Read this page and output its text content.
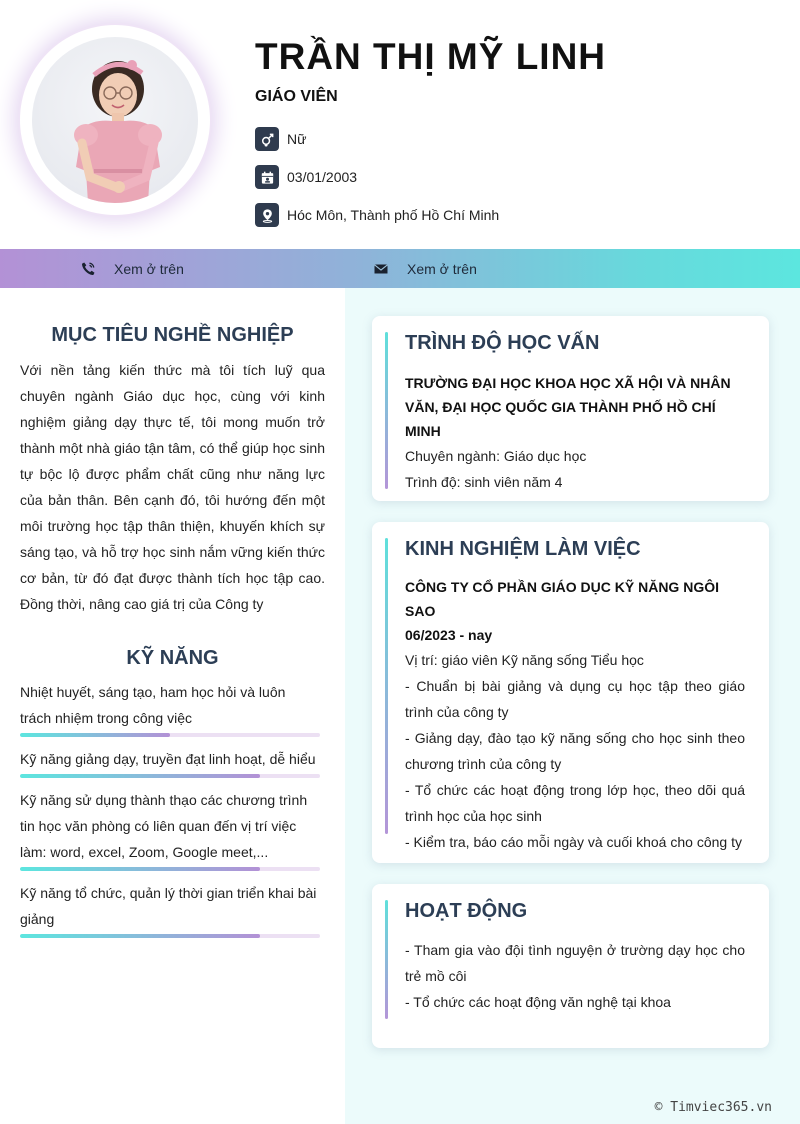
TRẦN THỊ MỸ LINH
GIÁO VIÊN
Nữ
03/01/2003
Hóc Môn, Thành phố Hồ Chí Minh
Xem ở trên	Xem ở trên
MỤC TIÊU NGHỀ NGHIỆP
Với nền tảng kiến thức mà tôi tích luỹ qua chuyên ngành Giáo dục học, cùng với kinh nghiệm giảng dạy thực tế, tôi mong muốn trở thành một nhà giáo tận tâm, có thể giúp học sinh tự bộc lộ được phẩm chất cũng như năng lực của bản thân. Bên cạnh đó, tôi hướng đến một môi trường học tập thân thiện, khuyến khích sự sáng tạo, và hỗ trợ học sinh nắm vững kiến thức cơ bản, từ đó đạt được thành tích học tập cao. Đồng thời, nâng cao giá trị của Công ty
KỸ NĂNG
Nhiệt huyết, sáng tạo, ham học hỏi và luôn trách nhiệm trong công việc
Kỹ năng giảng dạy, truyền đạt linh hoạt, dễ hiểu
Kỹ năng sử dụng thành thạo các chương trình tin học văn phòng có liên quan đến vị trí việc làm: word, excel, Zoom, Google meet,...
Kỹ năng tổ chức, quản lý thời gian triển khai bài giảng
TRÌNH ĐỘ HỌC VẤN
TRƯỜNG ĐẠI HỌC KHOA HỌC XÃ HỘI VÀ NHÂN VĂN, ĐẠI HỌC QUỐC GIA THÀNH PHỐ HỒ CHÍ MINH
Chuyên ngành: Giáo dục học
Trình độ: sinh viên năm 4
KINH NGHIỆM LÀM VIỆC
CÔNG TY CỔ PHẦN GIÁO DỤC KỸ NĂNG NGÔI SAO
06/2023 - nay
Vị trí: giáo viên Kỹ năng sống Tiểu học
- Chuẩn bị bài giảng và dụng cụ học tập theo giáo trình của công ty
- Giảng dạy, đào tạo kỹ năng sống cho học sinh theo chương trình của công ty
- Tổ chức các hoạt động trong lớp học, theo dõi quá trình học của học sinh
- Kiểm tra, báo cáo mỗi ngày và cuối khoá cho công ty
HOẠT ĐỘNG
- Tham gia vào đội tình nguyện ở trường dạy học cho trẻ mồ côi
- Tổ chức các hoạt động văn nghệ tại khoa
© Timviec365.vn
